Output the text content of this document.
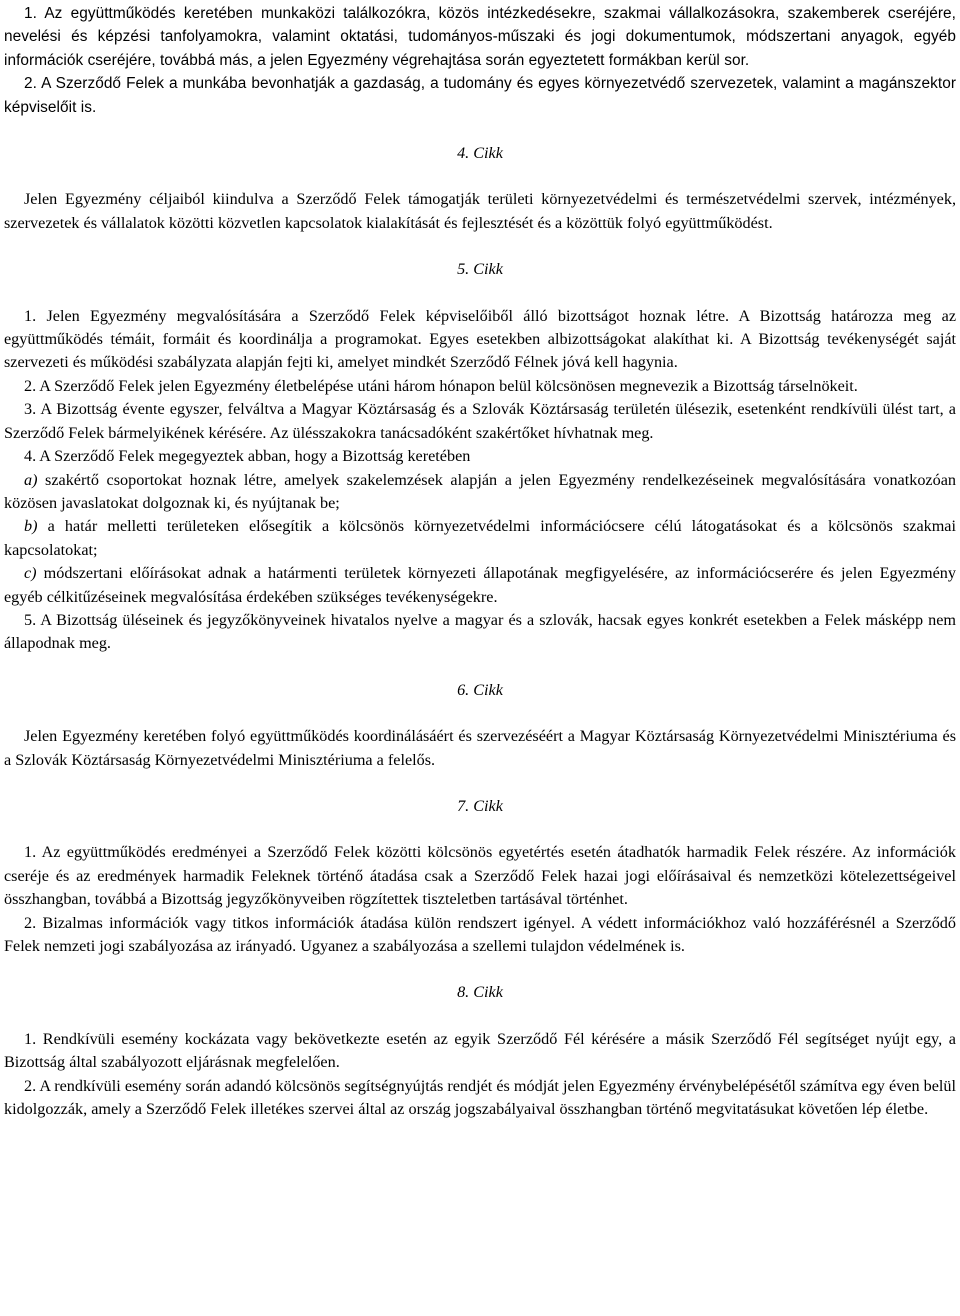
1. Az együttműködés keretében munkaközi találkozókra, közös intézkedésekre, szakmai vállalkozásokra, szakemberek cseréjére, nevelési és képzési tanfolyamokra, valamint oktatási, tudományos-műszaki és jogi dokumentumok, módszertani anyagok, egyéb információk cseréjére, továbbá más, a jelen Egyezmény végrehajtása során egyeztetett formákban kerül sor.

2. A Szerződő Felek a munkába bevonhatják a gazdaság, a tudomány és egyes környezetvédő szervezetek, valamint a magánszektor képviselőit is.

4. Cikk

Jelen Egyezmény céljaiból kiindulva a Szerződő Felek támogatják területi környezetvédelmi és természetvédelmi szervek, intézmények, szervezetek és vállalatok közötti közvetlen kapcsolatok kialakítását és fejlesztését és a közöttük folyó együttműködést.

5. Cikk

1. Jelen Egyezmény megvalósítására a Szerződő Felek képviselőiből álló bizottságot hoznak létre. A Bizottság határozza meg az együttműködés témáit, formáit és koordinálja a programokat. Egyes esetekben albizottságokat alakíthat ki. A Bizottság tevékenységét saját szervezeti és működési szabályzata alapján fejti ki, amelyet mindkét Szerződő Félnek jóvá kell hagynia.

2. A Szerződő Felek jelen Egyezmény életbelépése utáni három hónapon belül kölcsönösen megnevezik a Bizottság társelnökeit.

3. A Bizottság évente egyszer, felváltva a Magyar Köztársaság és a Szlovák Köztársaság területén ülésezik, esetenként rendkívüli ülést tart, a Szerződő Felek bármelyikének kérésére. Az ülésszakokra tanácsadóként szakértőket hívhatnak meg.

4. A Szerződő Felek megegyeztek abban, hogy a Bizottság keretében

a) szakértő csoportokat hoznak létre, amelyek szakelemzések alapján a jelen Egyezmény rendelkezéseinek megvalósítására vonatkozóan közösen javaslatokat dolgoznak ki, és nyújtanak be;

b) a határ melletti területeken elősegítik a kölcsönös környezetvédelmi információcsere célú látogatásokat és a kölcsönös szakmai kapcsolatokat;

c) módszertani előírásokat adnak a határmenti területek környezeti állapotának megfigyelésére, az információcserére és jelen Egyezmény egyéb célkitűzéseinek megvalósítása érdekében szükséges tevékenységekre.

5. A Bizottság üléseinek és jegyzőkönyveinek hivatalos nyelve a magyar és a szlovák, hacsak egyes konkrét esetekben a Felek másképp nem állapodnak meg.

6. Cikk

Jelen Egyezmény keretében folyó együttműködés koordinálásáért és szervezéséért a Magyar Köztársaság Környezetvédelmi Minisztériuma és a Szlovák Köztársaság Környezetvédelmi Minisztériuma a felelős.

7. Cikk

1. Az együttműködés eredményei a Szerződő Felek közötti kölcsönös egyetértés esetén átadhatók harmadik Felek részére. Az információk cseréje és az eredmények harmadik Feleknek történő átadása csak a Szerződő Felek hazai jogi előírásaival és nemzetközi kötelezettségeivel összhangban, továbbá a Bizottság jegyzőkönyveiben rögzítettek tiszteletben tartásával történhet.

2. Bizalmas információk vagy titkos információk átadása külön rendszert igényel. A védett információkhoz való hozzáférésnél a Szerződő Felek nemzeti jogi szabályozása az irányadó. Ugyanez a szabályozása a szellemi tulajdon védelmének is.

8. Cikk

1. Rendkívüli esemény kockázata vagy bekövetkezte esetén az egyik Szerződő Fél kérésére a másik Szerződő Fél segítséget nyújt egy, a Bizottság által szabályozott eljárásnak megfelelően.

2. A rendkívüli esemény során adandó kölcsönös segítségnyújtás rendjét és módját jelen Egyezmény érvénybelépésétől számítva egy éven belül kidolgozzák, amely a Szerződő Felek illetékes szervei által az ország jogszabályaival összhangban történő megvitatásukat követően lép életbe.
